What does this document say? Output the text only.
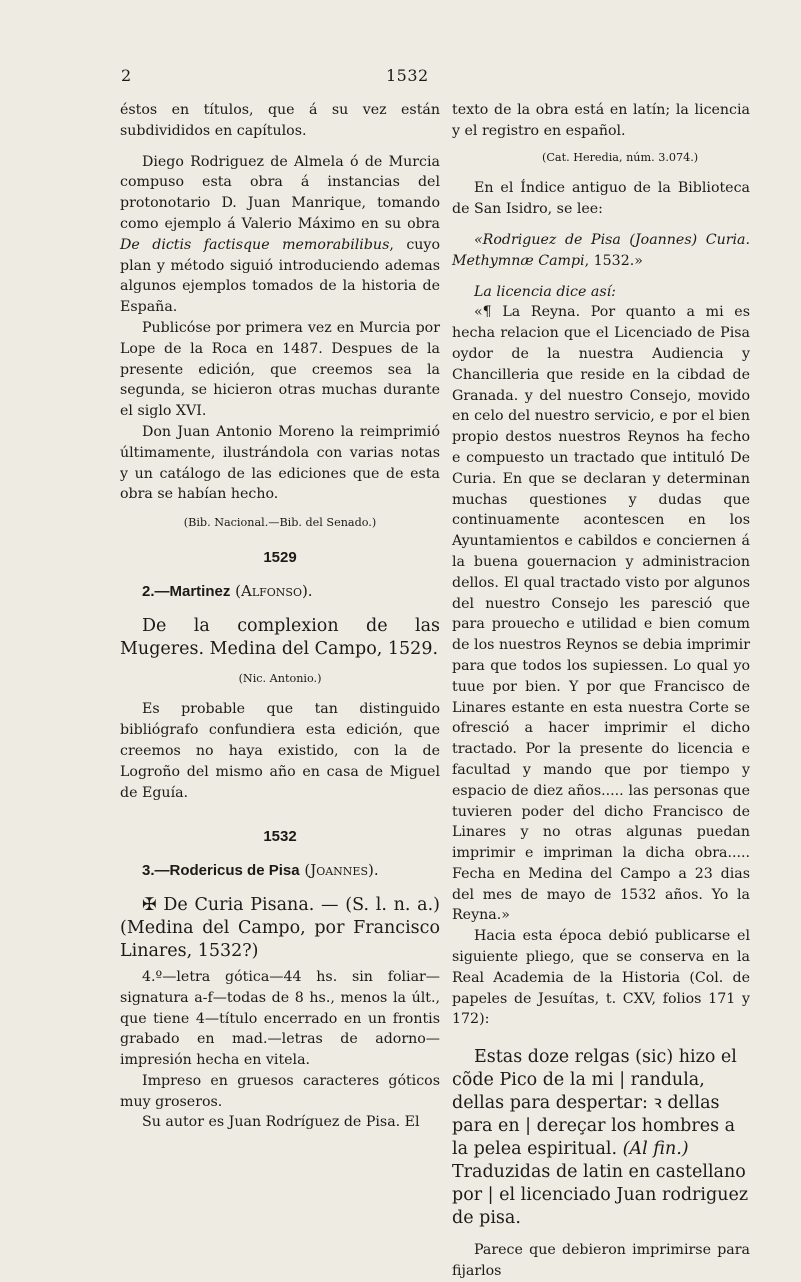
2	1532

éstos en títulos, que á su vez están subdivididos en capítulos.

Diego Rodriguez de Almela ó de Murcia compuso esta obra á instancias del protonotario D. Juan Manrique, tomando como ejemplo á Valerio Máximo en su obra De dictis factisque memorabilibus, cuyo plan y método siguió introduciendo ademas algunos ejemplos tomados de la historia de España.

Publicóse por primera vez en Murcia por Lope de la Roca en 1487. Despues de la presente edición, que creemos sea la segunda, se hicieron otras muchas durante el siglo XVI.

Don Juan Antonio Moreno la reimprimió últimamente, ilustrándola con varias notas y un catálogo de las ediciones que de esta obra se habían hecho.

(Bib. Nacional.—Bib. del Senado.)
1529
2.—Martinez (Alfonso).

De la complexion de las Mugeres. Medina del Campo, 1529.

(Nic. Antonio.)

Es probable que tan distinguido bibliógrafo confundiera esta edición, que creemos no haya existido, con la de Logroño del mismo año en casa de Miguel de Eguía.

1532
3.—Rodericus de Pisa (Joannes).

✠ De Curia Pisana. — (S. l. n. a.) (Medina del Campo, por Francisco Linares, 1532?)

4.º—letra gótica—44 hs. sin foliar—signatura a-f—todas de 8 hs., menos la últ., que tiene 4—título encerrado en un frontis grabado en mad.—letras de adorno—impresión hecha en vitela.

Impreso en gruesos caracteres góticos muy groseros.

Su autor es Juan Rodríguez de Pisa. El

texto de la obra está en latín; la licencia y el registro en español.

(Cat. Heredia, núm. 3.074.)

En el Índice antiguo de la Biblioteca de San Isidro, se lee:

«Rodriguez de Pisa (Joannes) Curia. Methymnæ Campi, 1532.»

La licencia dice así:

«¶ La Reyna. Por quanto a mi es hecha relacion que el Licenciado de Pisa oydor de la nuestra Audiencia y Chancilleria que reside en la cibdad de Granada. y del nuestro Consejo, movido en celo del nuestro servicio, e por el bien propio destos nuestros Reynos ha fecho e compuesto un tractado que intituló De Curia. En que se declaran y determinan muchas questiones y dudas que continuamente acontescen en los Ayuntamientos e cabildos e conciernen á la buena gouernacion y administracion dellos. El qual tractado visto por algunos del nuestro Consejo les paresció que para prouecho e utilidad e bien comum de los nuestros Reynos se debia imprimir para que todos los supiessen. Lo qual yo tuue por bien. Y por que Francisco de Linares estante en esta nuestra Corte se ofresció a hacer imprimir el dicho tractado. Por la presente do licencia e facultad y mando que por tiempo y espacio de diez años..... las personas que tuvieren poder del dicho Francisco de Linares y no otras algunas puedan imprimir e impriman la dicha obra..... Fecha en Medina del Campo a 23 dias del mes de mayo de 1532 años. Yo la Reyna.»

Hacia esta época debió publicarse el siguiente pliego, que se conserva en la Real Academia de la Historia (Col. de papeles de Jesuítas, t. CXV, folios 171 y 172):

Estas doze relgas (sic) hizo el cõde Pico de la mi | randula, dellas para despertar: ꝛ dellas para en | dereçar los hombres a la pelea espiritual. (Al fin.) Traduzidas de latin en castellano por | el licenciado Juan rodriguez de pisa.

Parece que debieron imprimirse para fijarlos
